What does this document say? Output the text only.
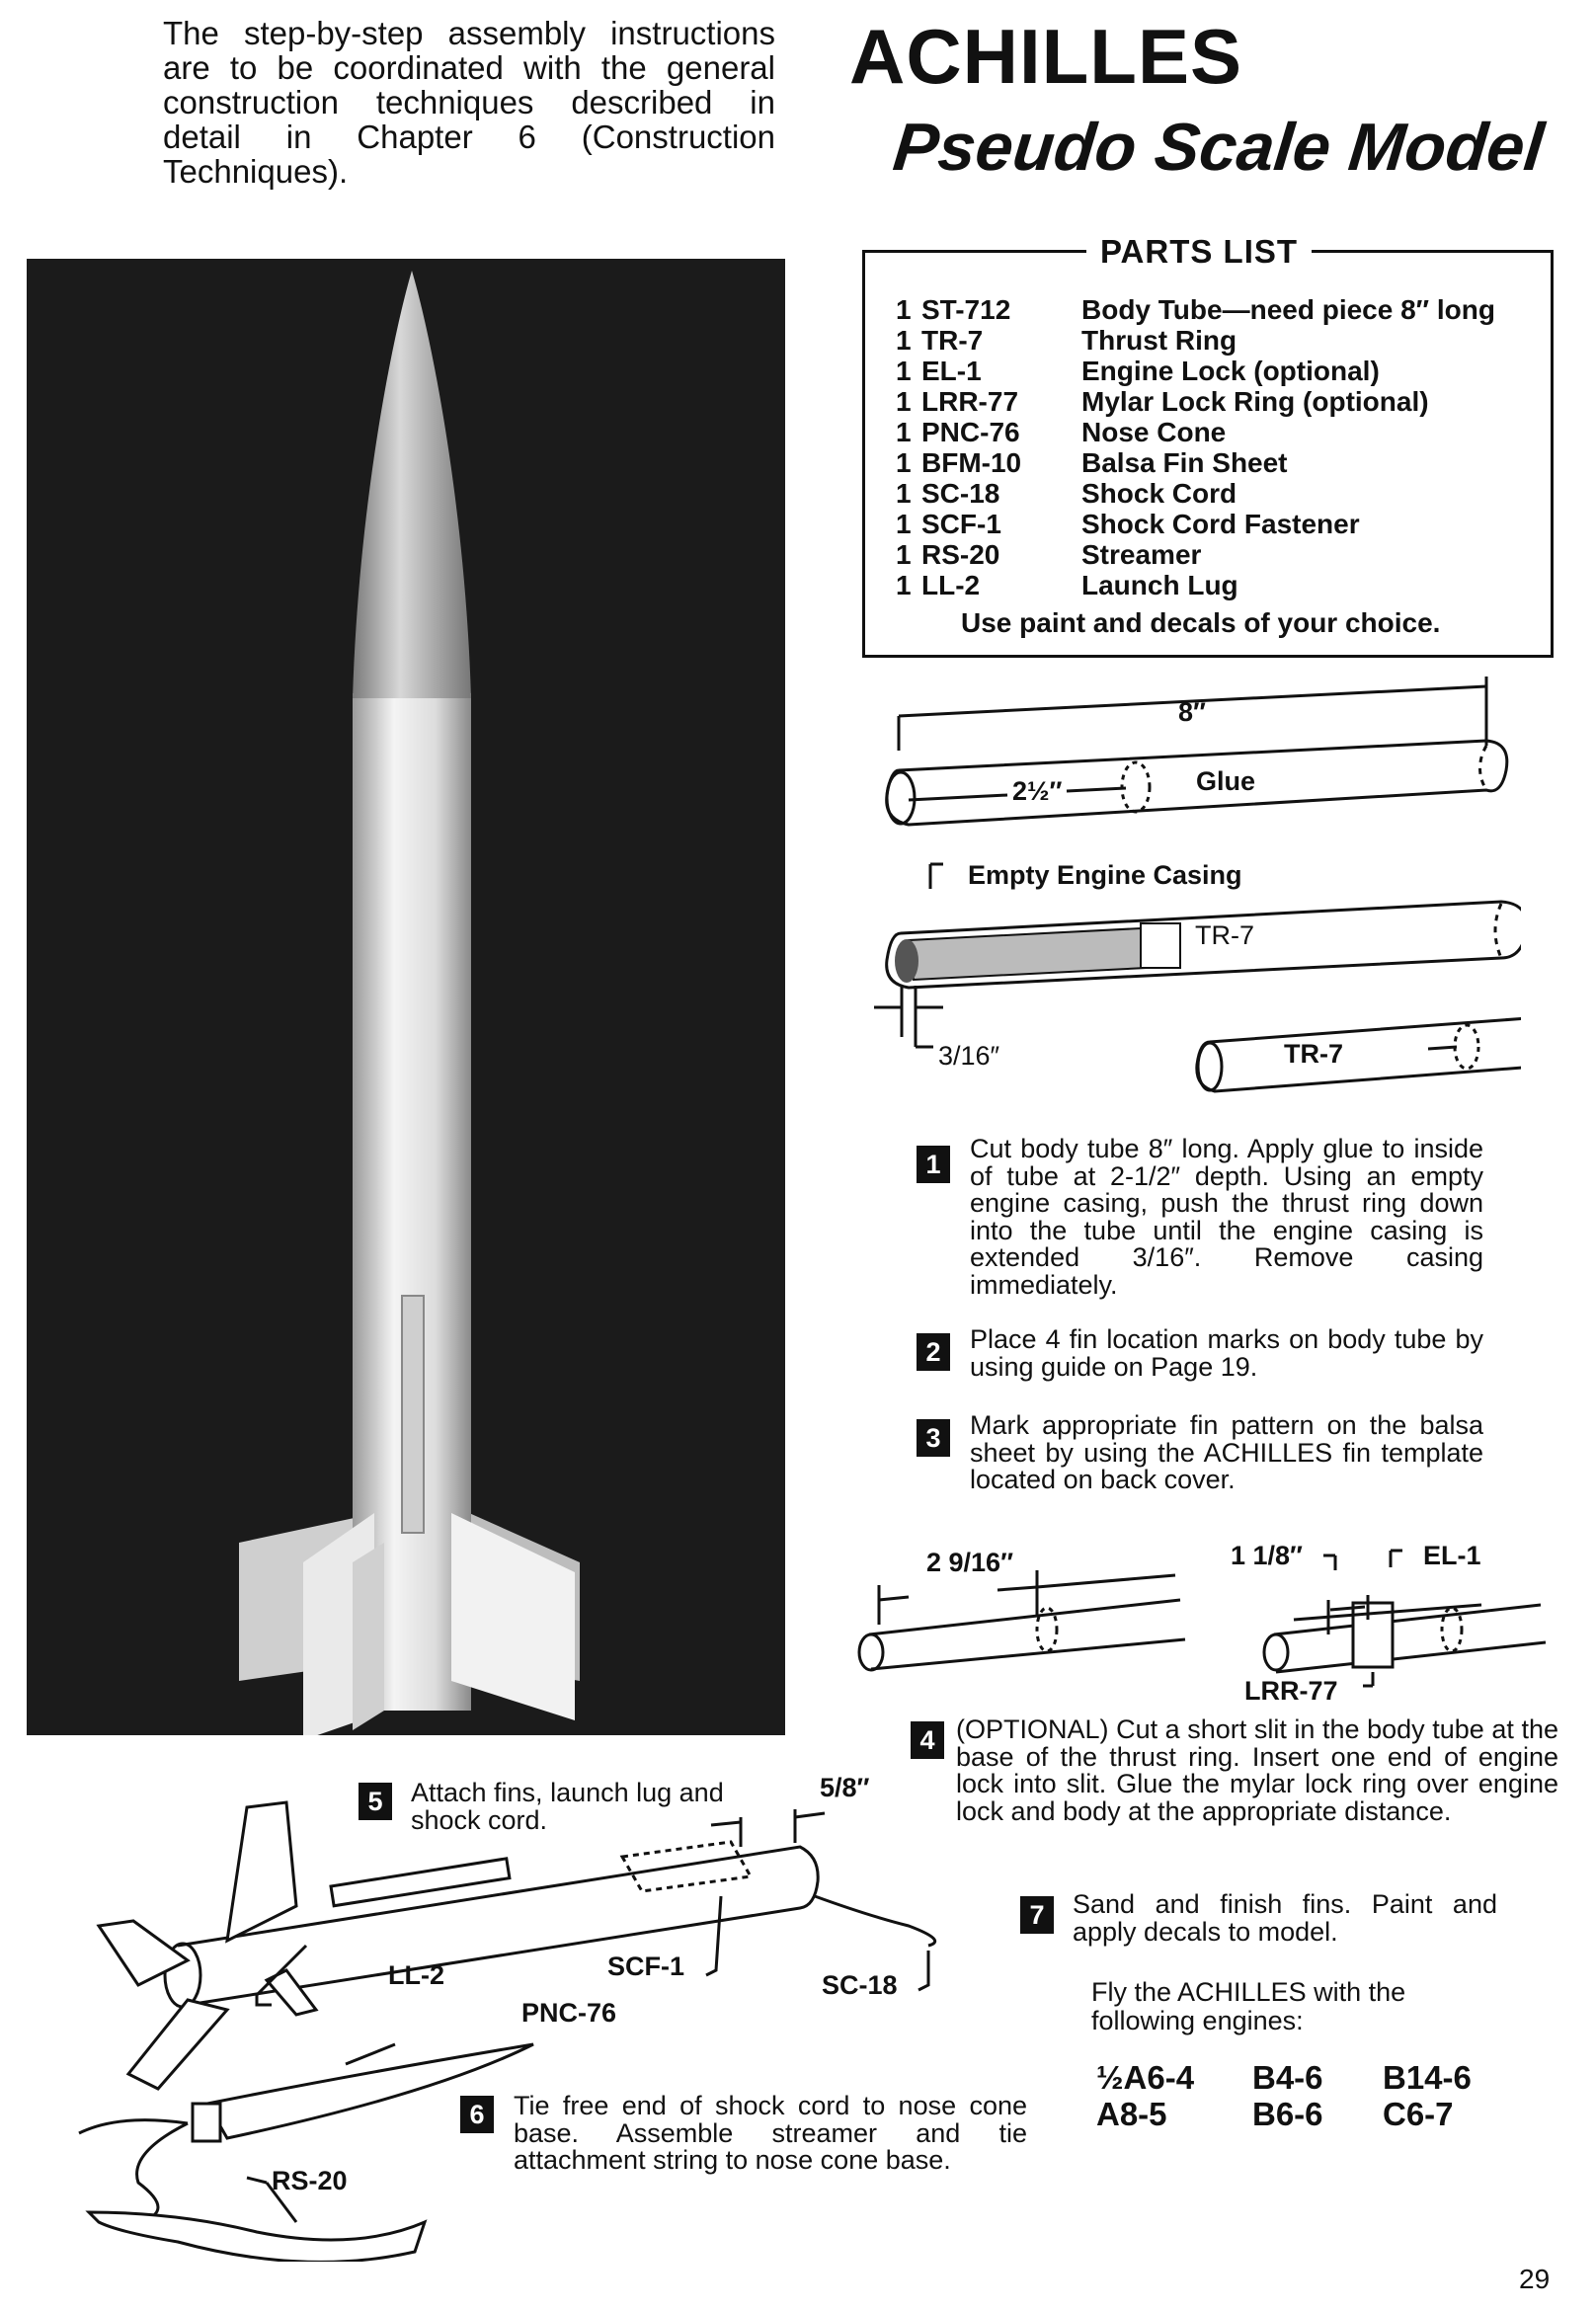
The step-by-step assembly instructions are to be coordinated with the general construction techniques described in detail in Chapter 6 (Construction Techniques).
ACHILLES
Pseudo Scale Model
PARTS LIST
1	ST-712	Body Tube—need piece 8″ long
1	TR-7	Thrust Ring
1	EL-1	Engine Lock (optional)
1	LRR-77	Mylar Lock Ring (optional)
1	PNC-76	Nose Cone
1	BFM-10	Balsa Fin Sheet
1	SC-18	Shock Cord
1	SCF-1	Shock Cord Fastener
1	RS-20	Streamer
1	LL-2	Launch Lug
Use paint and decals of your choice.
8″
2½″	Glue
Empty Engine Casing
TR-7
3/16″	TR-7
1
Cut body tube 8″ long. Apply glue to inside of tube at 2-1/2″ depth. Using an empty engine casing, push the thrust ring down into the tube until the engine casing is extended 3/16″. Remove casing immediately.
2	Place 4 fin location marks on body tube by using guide on Page 19.
3	Mark appropriate fin pattern on the balsa sheet by using the ACHILLES fin template located on back cover.
2 9/16″	1 1/8″	EL-1
LRR-77
4 (OPTIONAL) Cut a short slit in the body tube at the base of the thrust ring. Insert one end of engine lock into slit. Glue the mylar lock ring over engine lock and body at the appropriate distance.
5	Attach fins, launch lug and shock cord.
5/8″
LL-2	SCF-1
SC-18
PNC-76
RS-20
6	Tie free end of shock cord to nose cone base. Assemble streamer and tie attachment string to nose cone base.
7	Sand and finish fins. Paint and apply decals to model.
Fly the ACHILLES with the following engines:
½A6-4 B4-6 B14-6
A8-5	B6-6 C6-7
29
